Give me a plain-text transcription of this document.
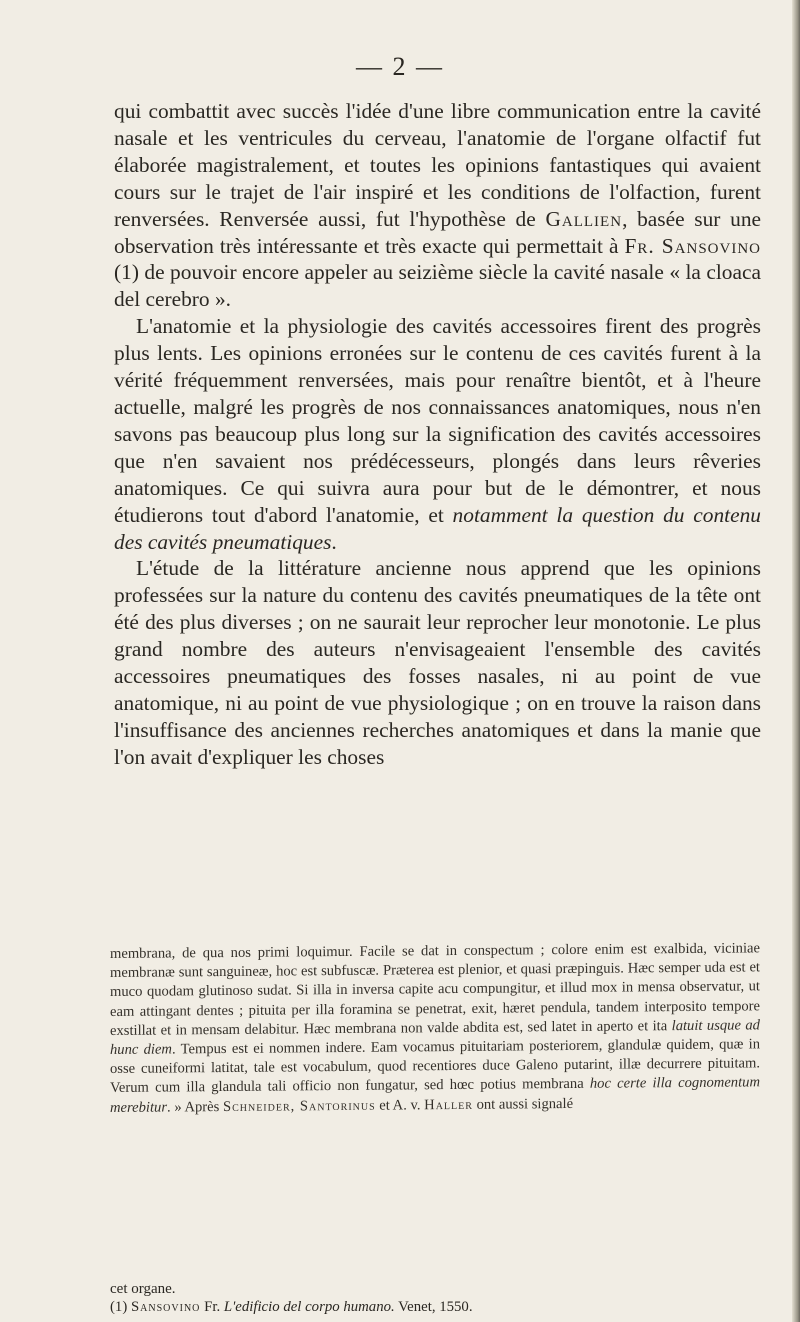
— 2 —

qui combattit avec succès l'idée d'une libre communication entre la cavité nasale et les ventricules du cerveau, l'anatomie de l'organe olfactif fut élaborée magistralement, et toutes les opinions fantastiques qui avaient cours sur le trajet de l'air inspiré et les conditions de l'olfaction, furent renversées. Renversée aussi, fut l'hypothèse de Gallien, basée sur une observation très intéressante et très exacte qui permettait à Fr. Sansovino (1) de pouvoir encore appeler au seizième siècle la cavité nasale « la cloaca del cerebro ».

L'anatomie et la physiologie des cavités accessoires firent des progrès plus lents. Les opinions erronées sur le contenu de ces cavités furent à la vérité fréquemment renversées, mais pour renaître bientôt, et à l'heure actuelle, malgré les progrès de nos connaissances anatomiques, nous n'en savons pas beaucoup plus long sur la signification des cavités accessoires que n'en savaient nos prédécesseurs, plongés dans leurs rêveries anatomiques. Ce qui suivra aura pour but de le démontrer, et nous étudierons tout d'abord l'anatomie, et notamment la question du contenu des cavités pneumatiques.

L'étude de la littérature ancienne nous apprend que les opinions professées sur la nature du contenu des cavités pneumatiques de la tête ont été des plus diverses ; on ne saurait leur reprocher leur monotonie. Le plus grand nombre des auteurs n'envisageaient l'ensemble des cavités accessoires pneumatiques des fosses nasales, ni au point de vue anatomique, ni au point de vue physiologique ; on en trouve la raison dans l'insuffisance des anciennes recherches anatomiques et dans la manie que l'on avait d'expliquer les choses

membrana, de qua nos primi loquimur. Facile se dat in conspectum ; colore enim est exalbida, viciniae membranæ sunt sanguineæ, hoc est subfuscæ. Præterea est plenior, et quasi præpinguis. Hæc semper uda est et muco quodam glutinoso sudat. Si illa in inversa capite acu compungitur, et illud mox in mensa observatur, ut eam attingant dentes ; pituita per illa foramina se penetrat, exit, hæret pendula, tandem interposito tempore exstillat et in mensam delabitur. Hæc membrana non valde abdita est, sed latet in aperto et ita latuit usque ad hunc diem. Tempus est ei nommen indere. Eam vocamus pituitariam posteriorem, glandulæ quidem, quæ in osse cuneiformi latitat, tale est vocabulum, quod recentiores duce Galeno putarint, illæ decurrere pituitam. Verum cum illa glandula tali officio non fungatur, sed hœc potius membrana hoc certe illa cognomentum merebitur. » Après Schneider, Santorinus et A. v. Haller ont aussi signalé

cet organe.
(1) Sansovino Fr. L'edificio del corpo humano. Venet, 1550.
